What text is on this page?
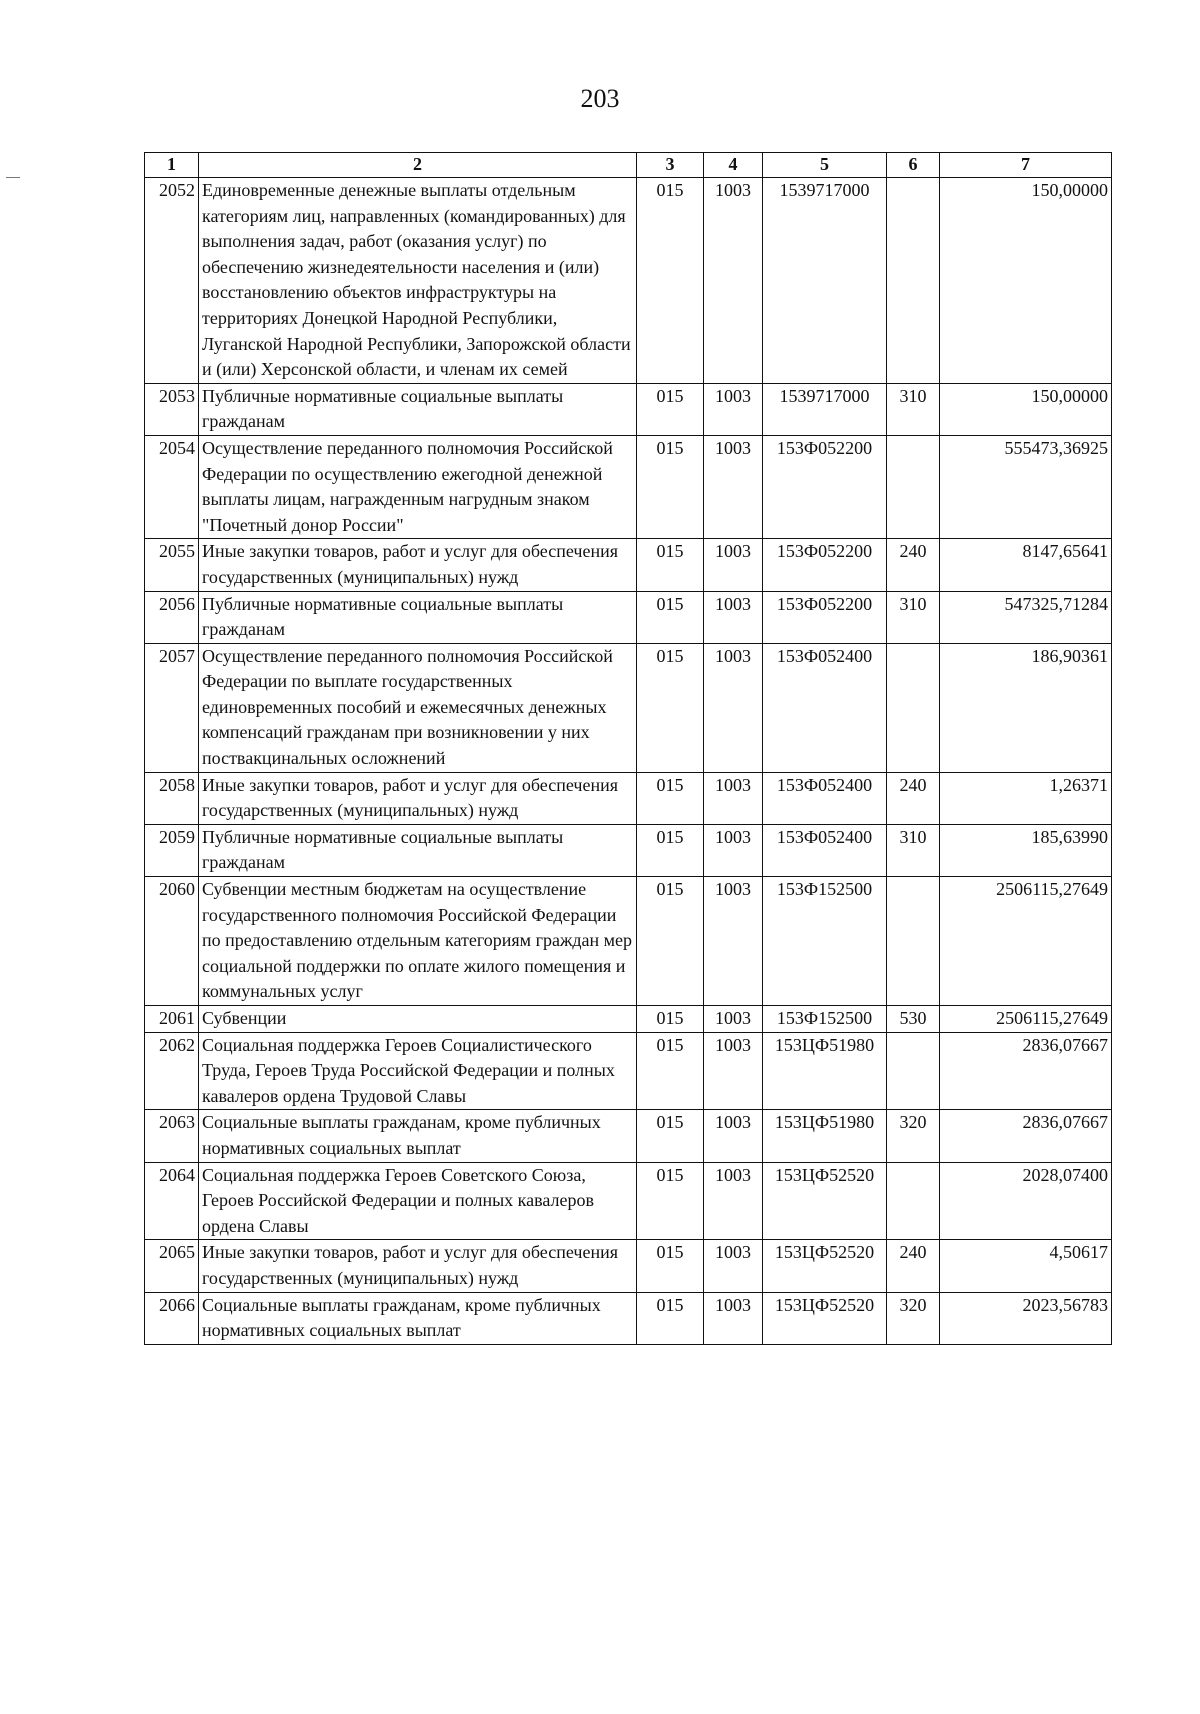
203
1	2	3	4	5	6	7
2052	Единовременные денежные выплаты отдельным категориям лиц, направленных (командированных) для выполнения задач, работ (оказания услуг) по обеспечению жизнедеятельности населения и (или) восстановлению объектов инфраструктуры на территориях Донецкой Народной Республики, Луганской Народной Республики, Запорожской области и (или) Херсонской области, и членам их семей	015	1003	1539717000		150,00000
2053	Публичные нормативные социальные выплаты гражданам	015	1003	1539717000	310	150,00000
2054	Осуществление переданного полномочия Российской Федерации по осуществлению ежегодной денежной выплаты лицам, награжденным нагрудным знаком "Почетный донор России"	015	1003	153Ф052200		555473,36925
2055	Иные закупки товаров, работ и услуг для обеспечения государственных (муниципальных) нужд	015	1003	153Ф052200	240	8147,65641
2056	Публичные нормативные социальные выплаты гражданам	015	1003	153Ф052200	310	547325,71284
2057	Осуществление переданного полномочия Российской Федерации по выплате государственных единовременных пособий и ежемесячных денежных компенсаций гражданам при возникновении у них поствакцинальных осложнений	015	1003	153Ф052400		186,90361
2058	Иные закупки товаров, работ и услуг для обеспечения государственных (муниципальных) нужд	015	1003	153Ф052400	240	1,26371
2059	Публичные нормативные социальные выплаты гражданам	015	1003	153Ф052400	310	185,63990
2060	Субвенции местным бюджетам на осуществление государственного полномочия Российской Федерации по предоставлению отдельным категориям граждан мер социальной поддержки по оплате жилого помещения и коммунальных услуг	015	1003	153Ф152500		2506115,27649
2061	Субвенции	015	1003	153Ф152500	530	2506115,27649
2062	Социальная поддержка Героев Социалистического Труда, Героев Труда Российской Федерации и полных кавалеров ордена Трудовой Славы	015	1003	153ЦФ51980		2836,07667
2063	Социальные выплаты гражданам, кроме публичных нормативных социальных выплат	015	1003	153ЦФ51980	320	2836,07667
2064	Социальная поддержка Героев Советского Союза, Героев Российской Федерации и полных кавалеров ордена Славы	015	1003	153ЦФ52520		2028,07400
2065	Иные закупки товаров, работ и услуг для обеспечения государственных (муниципальных) нужд	015	1003	153ЦФ52520	240	4,50617
2066	Социальные выплаты гражданам, кроме публичных нормативных социальных выплат	015	1003	153ЦФ52520	320	2023,56783
